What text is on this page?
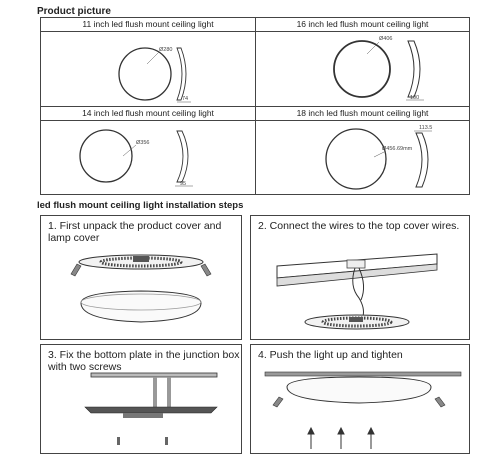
Product picture
11 inch led flush mount ceiling light
Ø280
74
16 inch led flush mount ceiling light
Ø406
100
14 inch led flush mount ceiling light
Ø356
95
18 inch led flush mount ceiling light
Ø456.69mm
113.5
led flush mount ceiling light installation steps
1. First unpack the product cover and
lamp cover
2. Connect the wires to the top cover wires.
3. Fix the bottom plate in the junction box
with two screws
4. Push the light up and tighten
